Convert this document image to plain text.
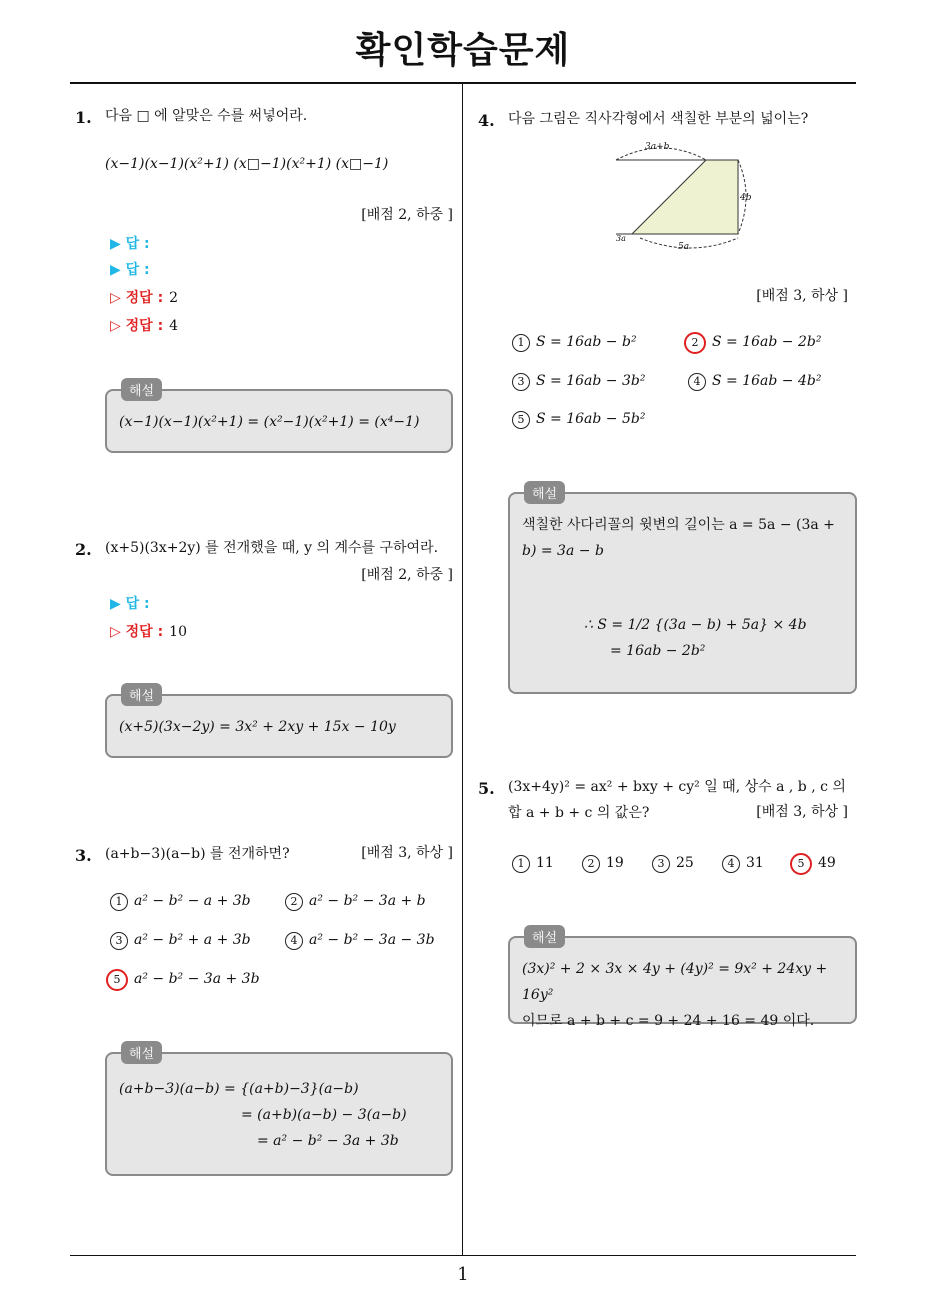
확인학습문제
1
1. 다음 □ 에 알맞은 수를 써넣어라.
(x−1)(x−1)(x²+1) (x□−1)(x²+1) (x□−1)
[배점 2, 하중 ]
▶ 답 :
▶ 답 :
▷ 정답 : 2
▷ 정답 : 4
해설
(x−1)(x−1)(x²+1) = (x²−1)(x²+1) = (x⁴−1)
2. (x+5)(3x+2y) 를 전개했을 때, y 의 계수를 구하여라.
[배점 2, 하중 ]
▶ 답 :
▷ 정답 : 10
해설
(x+5)(3x−2y) = 3x² + 2xy + 15x − 10y
3. (a+b−3)(a−b) 를 전개하면?	[배점 3, 하상 ]
1 a² − b² − a + 3b	2 a² − b² − 3a + b
3 a² − b² + a + 3b	4 a² − b² − 3a − 3b
5 a² − b² − 3a + 3b
해설
(a+b−3)(a−b) = {(a+b)−3}(a−b)
= (a+b)(a−b) − 3(a−b)
= a² − b² − 3a + 3b
4. 다음 그림은 직사각형에서 색칠한 부분의 넓이는?
3a+b
4b
5a
3a
[배점 3, 하상 ]
1 S = 16ab − b²	2 S = 16ab − 2b²
3 S = 16ab − 3b²	4 S = 16ab − 4b²
5 S = 16ab − 5b²
해설
색칠한 사다리꼴의 윗변의 길이는 a = 5a − (3a +
b) = 3a − b
∴ S = 1/2 {(3a − b) + 5a} × 4b
= 16ab − 2b²
5. (3x+4y)² = ax² + bxy + cy² 일 때, 상수 a , b , c 의
합 a + b + c 의 값은?	[배점 3, 하상 ]
1 11	2 19	3 25	4 31	5 49
해설
(3x)² + 2 × 3x × 4y + (4y)² = 9x² + 24xy + 16y²
이므로 a + b + c = 9 + 24 + 16 = 49 이다.
